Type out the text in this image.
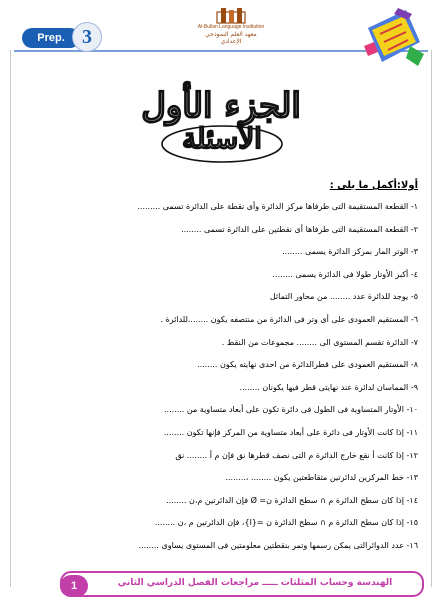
Prep. 3	Al-Bullan Language Institution
معهد العلم النموذجي الإعدادي
الجزء الأول
الأسئلة
أولا:أكمل ما يلى :
١- القطعة المستقيمة التى طرفاها مركز الدائرة وأى نقطة على الدائرة تسمى .........
٢- القطعة المستقيمة التى طرفاها أى نقطتين على الدائرة تسمى ........
٣- الوتر المار بمركز الدائرة يسمى ........
٤- أكبر الأوتار طولا فى الدائرة يسمى ........
٥- يوجد للدائرة عدد ........ من محاور التماثل
٦- المستقيم العمودى على أى وتر فى الدائرة من منتصفه يكون ........للدائرة .
٧- الدائرة تقسم المستوى الى ........ مجموعات من النقط .
٨- المستقيم العمودى على قطرالدائرة من احدى نهايته يكون ........
٩- المماسان لدائرة عند نهايتى قطر فيها يكونان ........
١٠- الأوتار المتساوية فى الطول فى دائرة تكون على أبعاد متساوية من ........
١١- إذا كانت الأوتار فى دائرة على أبعاد متساوية من المركز فإنها تكون ........
١٢- إذا كانت أ نقع خارج الدائرة م التى نصف قطرها نق فإن م أ ........ نق
١٣- خط المركزين لدائرتين متقاطعتين يكون ........ ،........
١٤- إذا كان سطح الدائرة م ∩ سطح الدائرة ن= Ø فإن الدائرتين م،ن ........
١٥- إذا كان سطح الدائرة م ∩ سطح الدائرة ن ={ا}، فإن الدائرتين م ،ن ........
١٦- عدد الدوائرالتى يمكن رسمها وتمر بنقطتين معلومتين فى المستوى يساوى ........
الهندسة وحساب المثلثات ـــــ مراجعات الفصل الدراسي الثاني
1
